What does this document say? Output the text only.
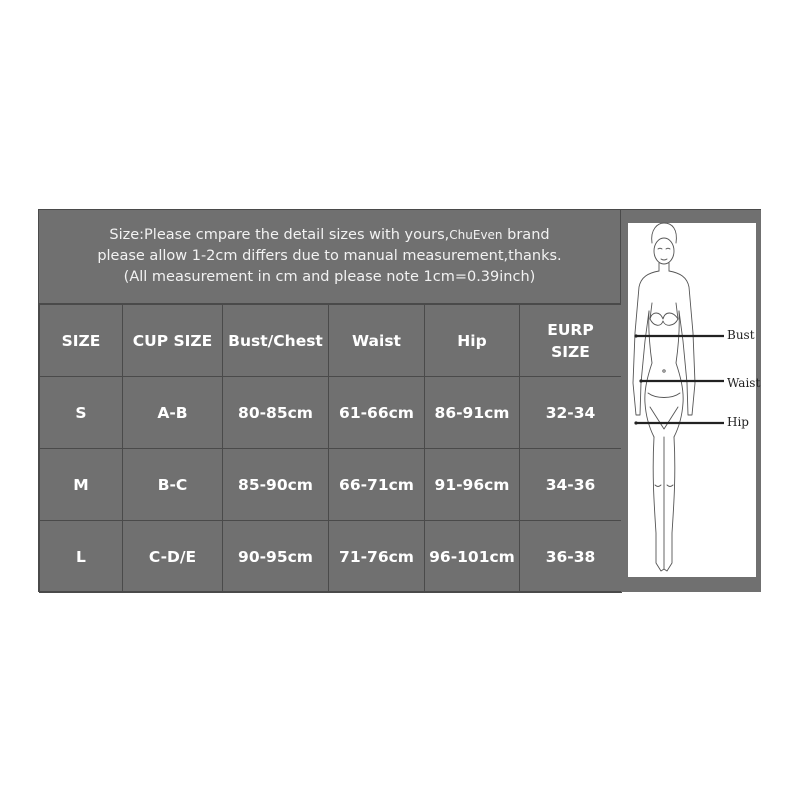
Size:Please cmpare the detail sizes with yours,ChuEven brand
please allow 1-2cm differs due to manual measurement,thanks.
(All measurement in cm and please note 1cm=0.39inch)
SIZE	CUP SIZE	Bust/Chest	Waist	Hip	EURP SIZE
S	A-B	80-85cm	61-66cm	86-91cm	32-34
M	B-C	85-90cm	66-71cm	91-96cm	34-36
L	C-D/E	90-95cm	71-76cm	96-101cm	36-38
Bust
Waist
Hip
